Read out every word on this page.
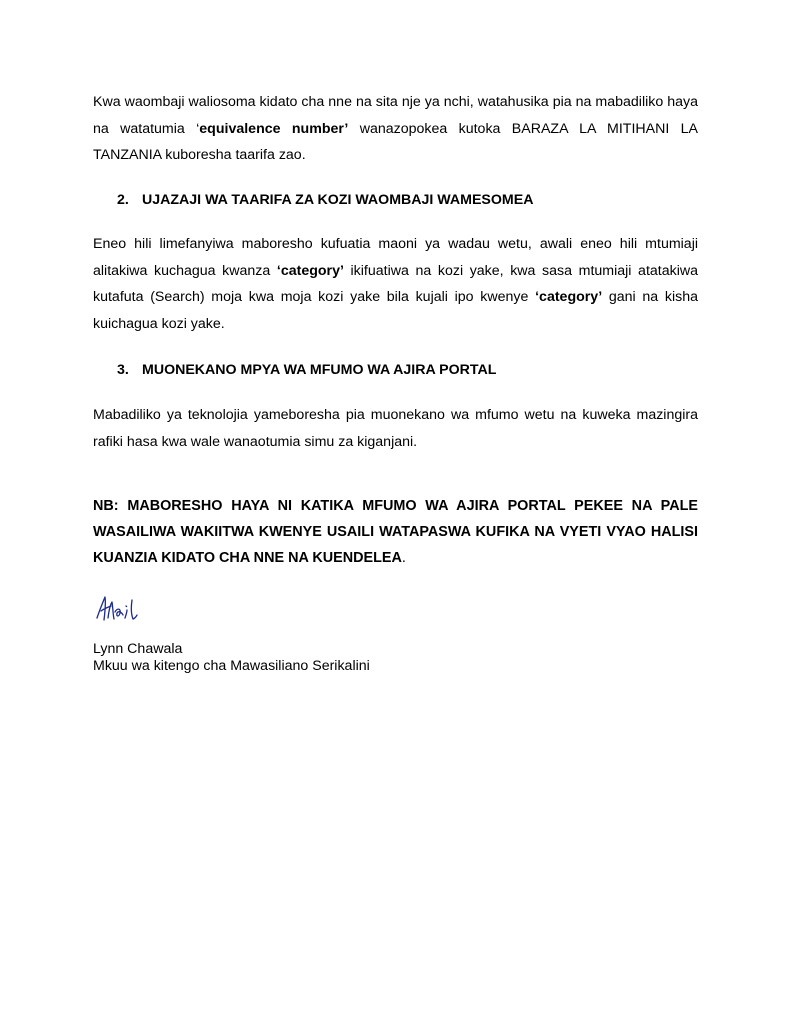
Kwa waombaji waliosoma kidato cha nne na sita nje ya nchi, watahusika pia na mabadiliko haya na watatumia ‘equivalence number’ wanazopokea kutoka BARAZA LA MITIHANI LA TANZANIA kuboresha taarifa zao.

2. UJAZAJI WA TAARIFA ZA KOZI WAOMBAJI WAMESOMEA

Eneo hili limefanyiwa maboresho kufuatia maoni ya wadau wetu, awali eneo hili mtumiaji alitakiwa kuchagua kwanza ‘category’ ikifuatiwa na kozi yake, kwa sasa mtumiaji atatakiwa kutafuta (Search) moja kwa moja kozi yake bila kujali ipo kwenye ‘category’ gani na kisha kuichagua kozi yake.

3. MUONEKANO MPYA WA MFUMO WA AJIRA PORTAL

Mabadiliko ya teknolojia yameboresha pia muonekano wa mfumo wetu na kuweka mazingira rafiki hasa kwa wale wanaotumia simu za kiganjani.

NB: MABORESHO HAYA NI KATIKA MFUMO WA AJIRA PORTAL PEKEE NA PALE WASAILIWA WAKIITWA KWENYE USAILI WATAPASWA KUFIKA NA VYETI VYAO HALISI KUANZIA KIDATO CHA NNE NA KUENDELEA.

Lynn Chawala
Mkuu wa kitengo cha Mawasiliano Serikalini
